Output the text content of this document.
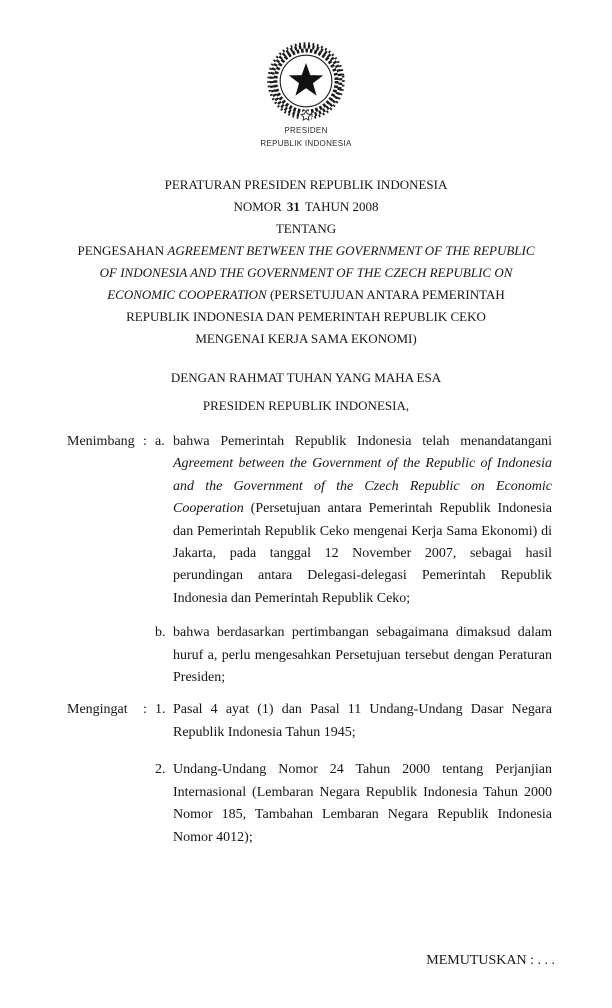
PRESIDEN
REPUBLIK INDONESIA
PERATURAN PRESIDEN REPUBLIK INDONESIA
NOMOR 31 TAHUN 2008
TENTANG
PENGESAHAN AGREEMENT BETWEEN THE GOVERNMENT OF THE REPUBLIC
OF INDONESIA AND THE GOVERNMENT OF THE CZECH REPUBLIC ON
ECONOMIC COOPERATION (PERSETUJUAN ANTARA PEMERINTAH
REPUBLIK INDONESIA DAN PEMERINTAH REPUBLIK CEKO
MENGENAI KERJA SAMA EKONOMI)
DENGAN RAHMAT TUHAN YANG MAHA ESA
PRESIDEN REPUBLIK INDONESIA,
Menimbang : a. bahwa Pemerintah Republik Indonesia telah menandatangani Agreement between the Government of the Republic of Indonesia and the Government of the Czech Republic on Economic Cooperation (Persetujuan antara Pemerintah Republik Indonesia dan Pemerintah Republik Ceko mengenai Kerja Sama Ekonomi) di Jakarta, pada tanggal 12 November 2007, sebagai hasil perundingan antara Delegasi-delegasi Pemerintah Republik Indonesia dan Pemerintah Republik Ceko;
b. bahwa berdasarkan pertimbangan sebagaimana dimaksud dalam huruf a, perlu mengesahkan Persetujuan tersebut dengan Peraturan Presiden;
Mengingat	: 1. Pasal 4 ayat (1) dan Pasal 11 Undang-Undang Dasar Negara Republik Indonesia Tahun 1945;
2. Undang-Undang Nomor 24 Tahun 2000 tentang Perjanjian Internasional (Lembaran Negara Republik Indonesia Tahun 2000 Nomor 185, Tambahan Lembaran Negara Republik Indonesia Nomor 4012);
MEMUTUSKAN : . . .
